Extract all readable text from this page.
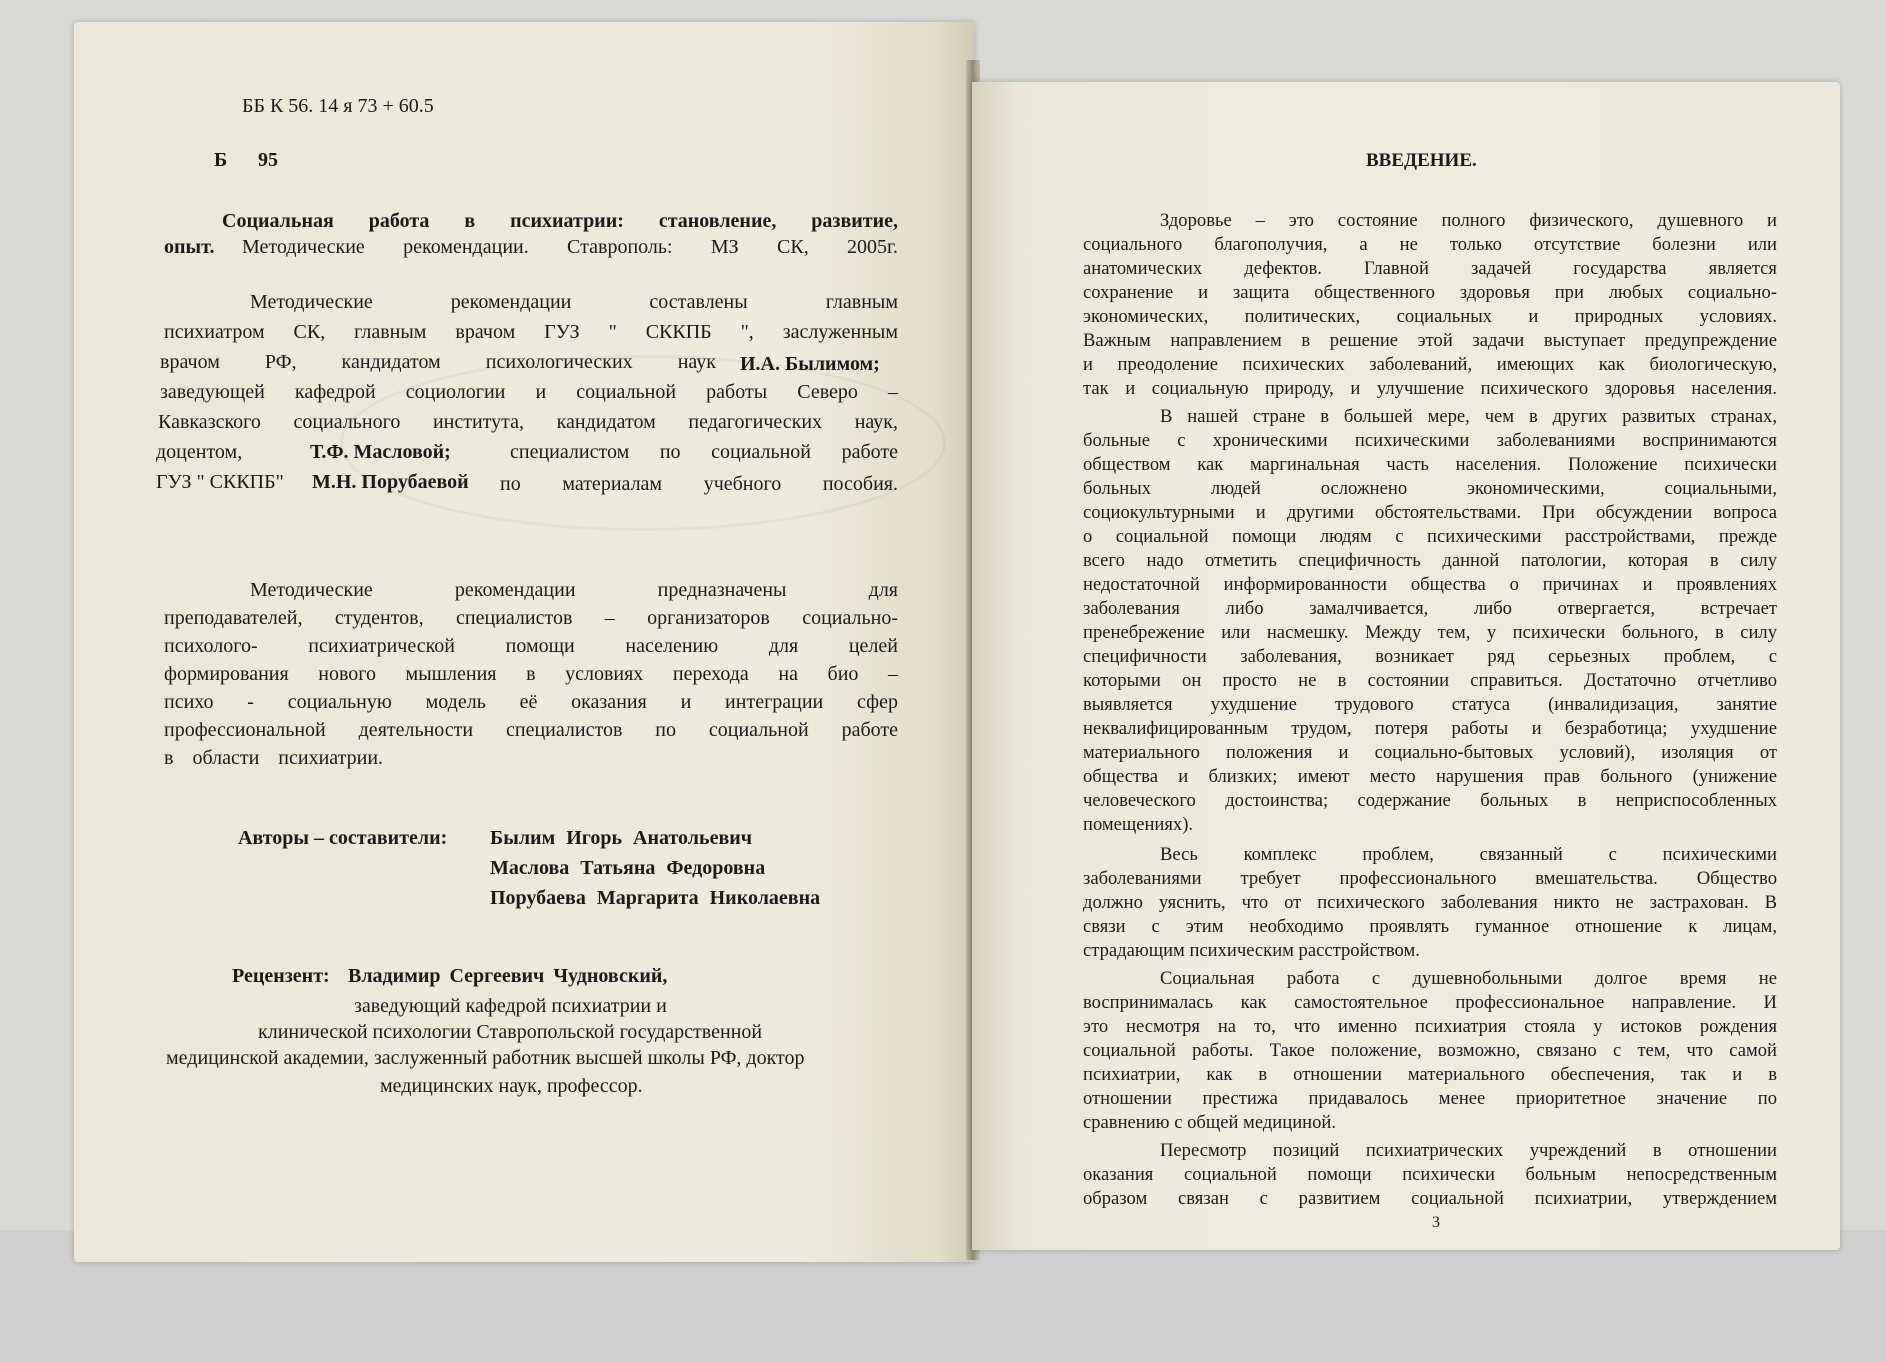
ББ К 56. 14 я 73 + 60.5
Б 95
Социальная работа в психиатрии: становление, развитие,
опыт. Методические рекомендации. Ставрополь: МЗ СК, 2005г.
Методические рекомендации составлены главным
психиатром СК, главным врачом ГУЗ " СККПБ ", заслуженным
врачом РФ, кандидатом психологических наук И.А. Былимом;
заведующей кафедрой социологии и социальной работы Северо –
Кавказского социального института, кандидатом педагогических наук,
доцентом,	Т.Ф. Масловой;	специалистом по социальной работе
ГУЗ " СККПБ" М.Н. Порубаевой по материалам учебного пособия.
Методические рекомендации предназначены для
преподавателей, студентов, специалистов – организаторов социально-
психолого- психиатрической помощи населению для целей
формирования нового мышления в условиях перехода на био –
психо - социальную модель её оказания и интеграции сфер
профессиональной деятельности специалистов по социальной работе
в области психиатрии.
Авторы – составители: Былим Игорь Анатольевич
Маслова Татьяна Федоровна
Порубаева Маргарита Николаевна
Рецензент: Владимир Сергеевич Чудновский,
заведующий кафедрой психиатрии и
клинической психологии Ставропольской государственной
медицинской академии, заслуженный работник высшей школы РФ, доктор
медицинских наук, профессор.
ВВЕДЕНИЕ.
Здоровье – это состояние полного физического, душевного и
социального благополучия, а не только отсутствие болезни или
анатомических дефектов. Главной задачей государства является
сохранение и защита общественного здоровья при любых социально-
экономических, политических, социальных и природных условиях.
Важным направлением в решение этой задачи выступает предупреждение
и преодоление психических заболеваний, имеющих как биологическую,
так и социальную природу, и улучшение психического здоровья населения.
В нашей стране в большей мере, чем в других развитых странах,
больные с хроническими психическими заболеваниями воспринимаются
обществом как маргинальная часть населения. Положение психически
больных людей осложнено экономическими, социальными,
социокультурными и другими обстоятельствами. При обсуждении вопроса
о социальной помощи людям с психическими расстройствами, прежде
всего надо отметить специфичность данной патологии, которая в силу
недостаточной информированности общества о причинах и проявлениях
заболевания либо замалчивается, либо отвергается, встречает
пренебрежение или насмешку. Между тем, у психически больного, в силу
специфичности заболевания, возникает ряд серьезных проблем, с
которыми он просто не в состоянии справиться. Достаточно отчетливо
выявляется ухудшение трудового статуса (инвалидизация, занятие
неквалифицированным трудом, потеря работы и безработица; ухудшение
материального положения и социально-бытовых условий), изоляция от
общества и близких; имеют место нарушения прав больного (унижение
человеческого достоинства; содержание больных в неприспособленных
помещениях).
Весь комплекс проблем, связанный с психическими
заболеваниями требует профессионального вмешательства. Общество
должно уяснить, что от психического заболевания никто не застрахован. В
связи с этим необходимо проявлять гуманное отношение к лицам,
страдающим психическим расстройством.
Социальная работа с душевнобольными долгое время не
воспринималась как самостоятельное профессиональное направление. И
это несмотря на то, что именно психиатрия стояла у истоков рождения
социальной работы. Такое положение, возможно, связано с тем, что самой
психиатрии, как в отношении материального обеспечения, так и в
отношении престижа придавалось менее приоритетное значение по
сравнению с общей медициной.
Пересмотр позиций психиатрических учреждений в отношении
оказания социальной помощи психически больным непосредственным
образом связан с развитием социальной психиатрии, утверждением
3
